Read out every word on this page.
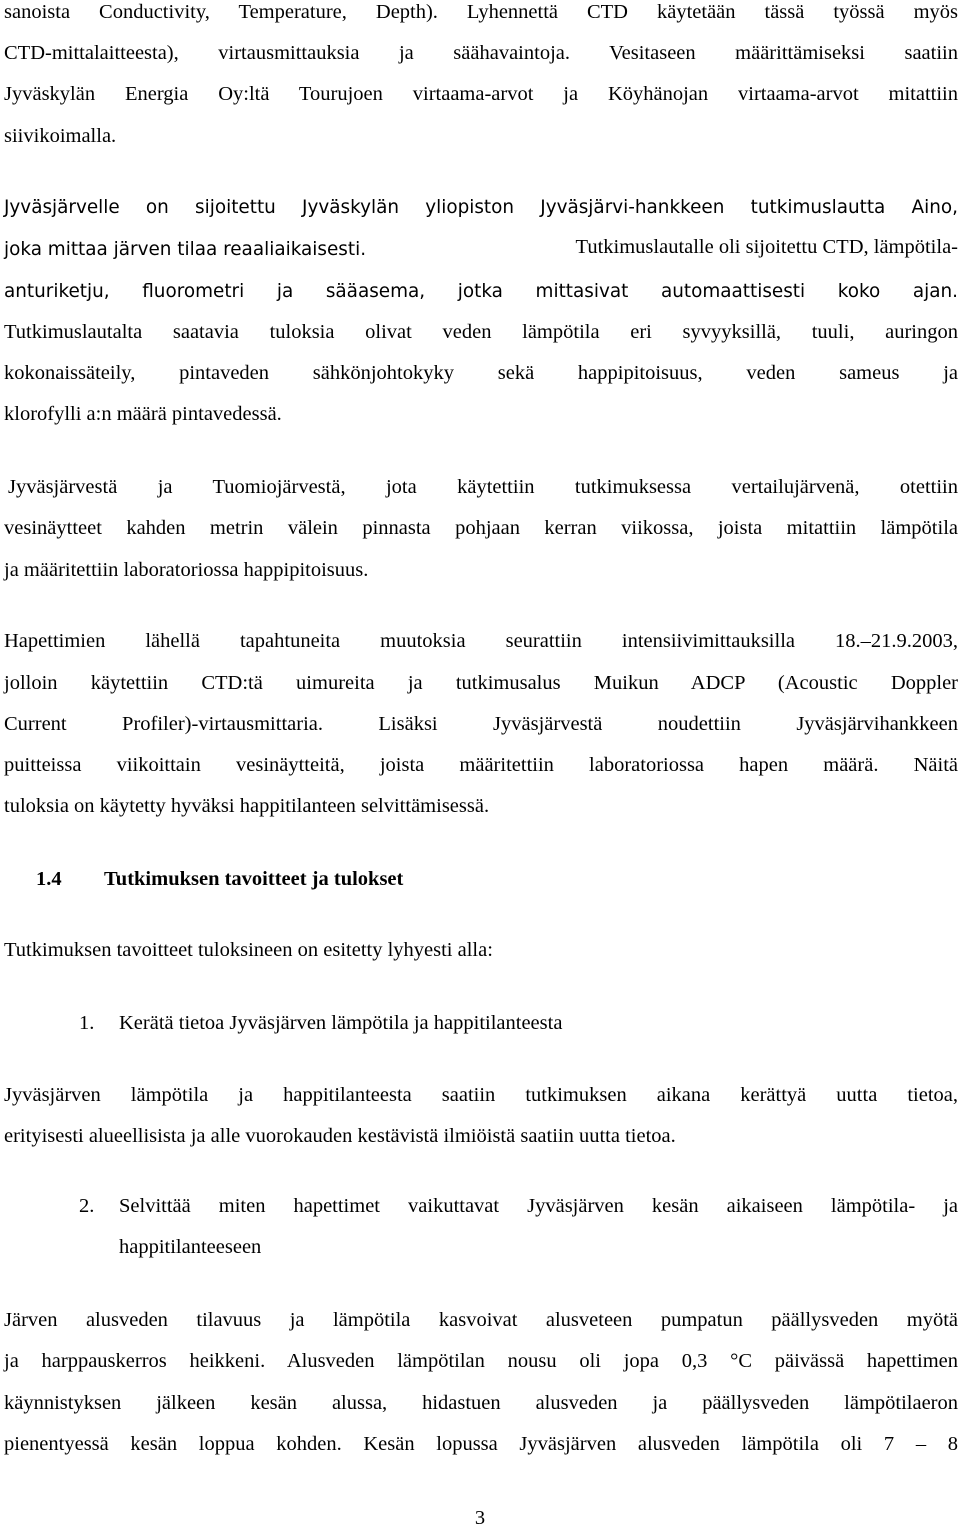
sanoista Conductivity, Temperature, Depth). Lyhennettä CTD käytetään tässä työssä myös
CTD-mittalaitteesta), virtausmittauksia ja säähavaintoja. Vesitaseen määrittämiseksi saatiin
Jyväskylän Energia Oy:ltä Tourujoen virtaama-arvot ja Köyhänojan virtaama-arvot mitattiin
siivikoimalla.
Jyväsjärvelle on sijoitettu Jyväskylän yliopiston Jyväsjärvi-hankkeen tutkimuslautta Aino,
joka mittaa järven tilaa reaaliaikaisesti.	Tutkimuslautalle oli sijoitettu CTD, lämpötila-
anturiketju, fluorometri ja sääasema, jotka mittasivat automaattisesti koko ajan.
Tutkimuslautalta saatavia tuloksia olivat veden lämpötila eri syvyyksillä, tuuli, auringon
kokonaissäteily, pintaveden sähkönjohtokyky sekä happipitoisuus, veden sameus ja
klorofylli a:n määrä pintavedessä.
Jyväsjärvestä ja Tuomiojärvestä, jota käytettiin tutkimuksessa vertailujärvenä, otettiin
vesinäytteet kahden metrin välein pinnasta pohjaan kerran viikossa, joista mitattiin lämpötila
ja määritettiin laboratoriossa happipitoisuus.
Hapettimien lähellä tapahtuneita muutoksia seurattiin intensiivimittauksilla 18.–21.9.2003,
jolloin käytettiin CTD:tä uimureita ja tutkimusalus Muikun ADCP (Acoustic Doppler
Current Profiler)-virtausmittaria. Lisäksi Jyväsjärvestä noudettiin Jyväsjärvihankkeen
puitteissa viikoittain vesinäytteitä, joista määritettiin laboratoriossa hapen määrä. Näitä
tuloksia on käytetty hyväksi happitilanteen selvittämisessä.
1.4 Tutkimuksen tavoitteet ja tulokset
Tutkimuksen tavoitteet tuloksineen on esitetty lyhyesti alla:
1. Kerätä tietoa Jyväsjärven lämpötila ja happitilanteesta
Jyväsjärven lämpötila ja happitilanteesta saatiin tutkimuksen aikana kerättyä uutta tietoa,
erityisesti alueellisista ja alle vuorokauden kestävistä ilmiöistä saatiin uutta tietoa.
2. Selvittää miten hapettimet vaikuttavat Jyväsjärven kesän aikaiseen lämpötila- ja
happitilanteeseen
Järven alusveden tilavuus ja lämpötila kasvoivat alusveteen pumpatun päällysveden myötä
ja harppauskerros heikkeni. Alusveden lämpötilan nousu oli jopa 0,3 °C päivässä hapettimen
käynnistyksen jälkeen kesän alussa, hidastuen alusveden ja päällysveden lämpötilaeron
pienentyessä kesän loppua kohden. Kesän lopussa Jyväsjärven alusveden lämpötila oli 7 – 8
3
